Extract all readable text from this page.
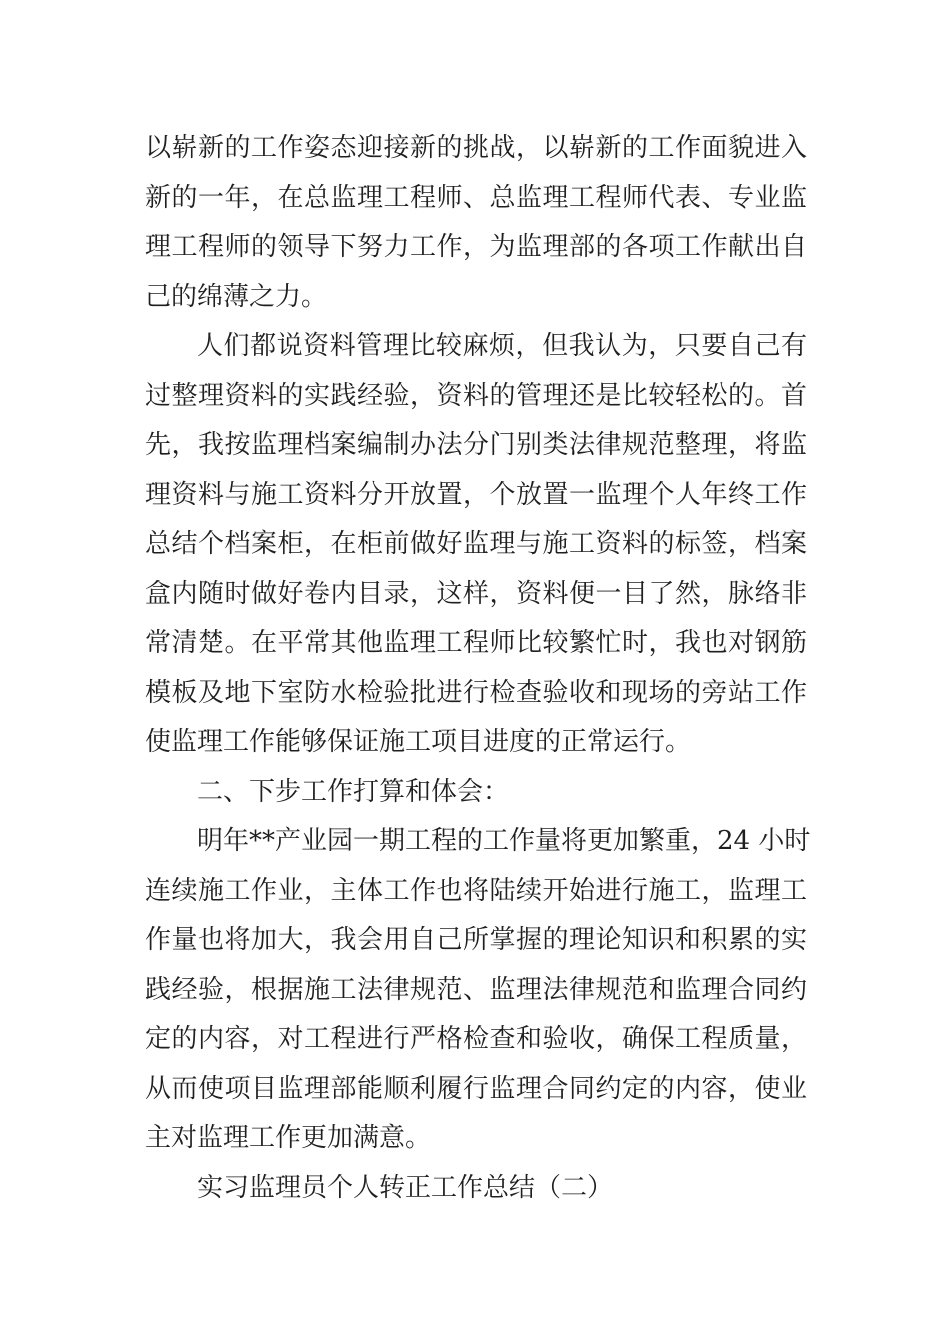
以崭新的工作姿态迎接新的挑战，以崭新的工作面貌进入
新的一年，在总监理工程师、总监理工程师代表、专业监
理工程师的领导下努力工作，为监理部的各项工作献出自
己的绵薄之力。
人们都说资料管理比较麻烦，但我认为，只要自己有
过整理资料的实践经验，资料的管理还是比较轻松的。首
先，我按监理档案编制办法分门别类法律规范整理，将监
理资料与施工资料分开放置，个放置一监理个人年终工作
总结个档案柜，在柜前做好监理与施工资料的标签，档案
盒内随时做好卷内目录，这样，资料便一目了然，脉络非
常清楚。在平常其他监理工程师比较繁忙时，我也对钢筋
模板及地下室防水检验批进行检查验收和现场的旁站工作
使监理工作能够保证施工项目进度的正常运行。
二、下步工作打算和体会：
明年**产业园一期工程的工作量将更加繁重，24 小时
连续施工作业，主体工作也将陆续开始进行施工，监理工
作量也将加大，我会用自己所掌握的理论知识和积累的实
践经验，根据施工法律规范、监理法律规范和监理合同约
定的内容，对工程进行严格检查和验收，确保工程质量，
从而使项目监理部能顺利履行监理合同约定的内容，使业
主对监理工作更加满意。
实习监理员个人转正工作总结（二）
